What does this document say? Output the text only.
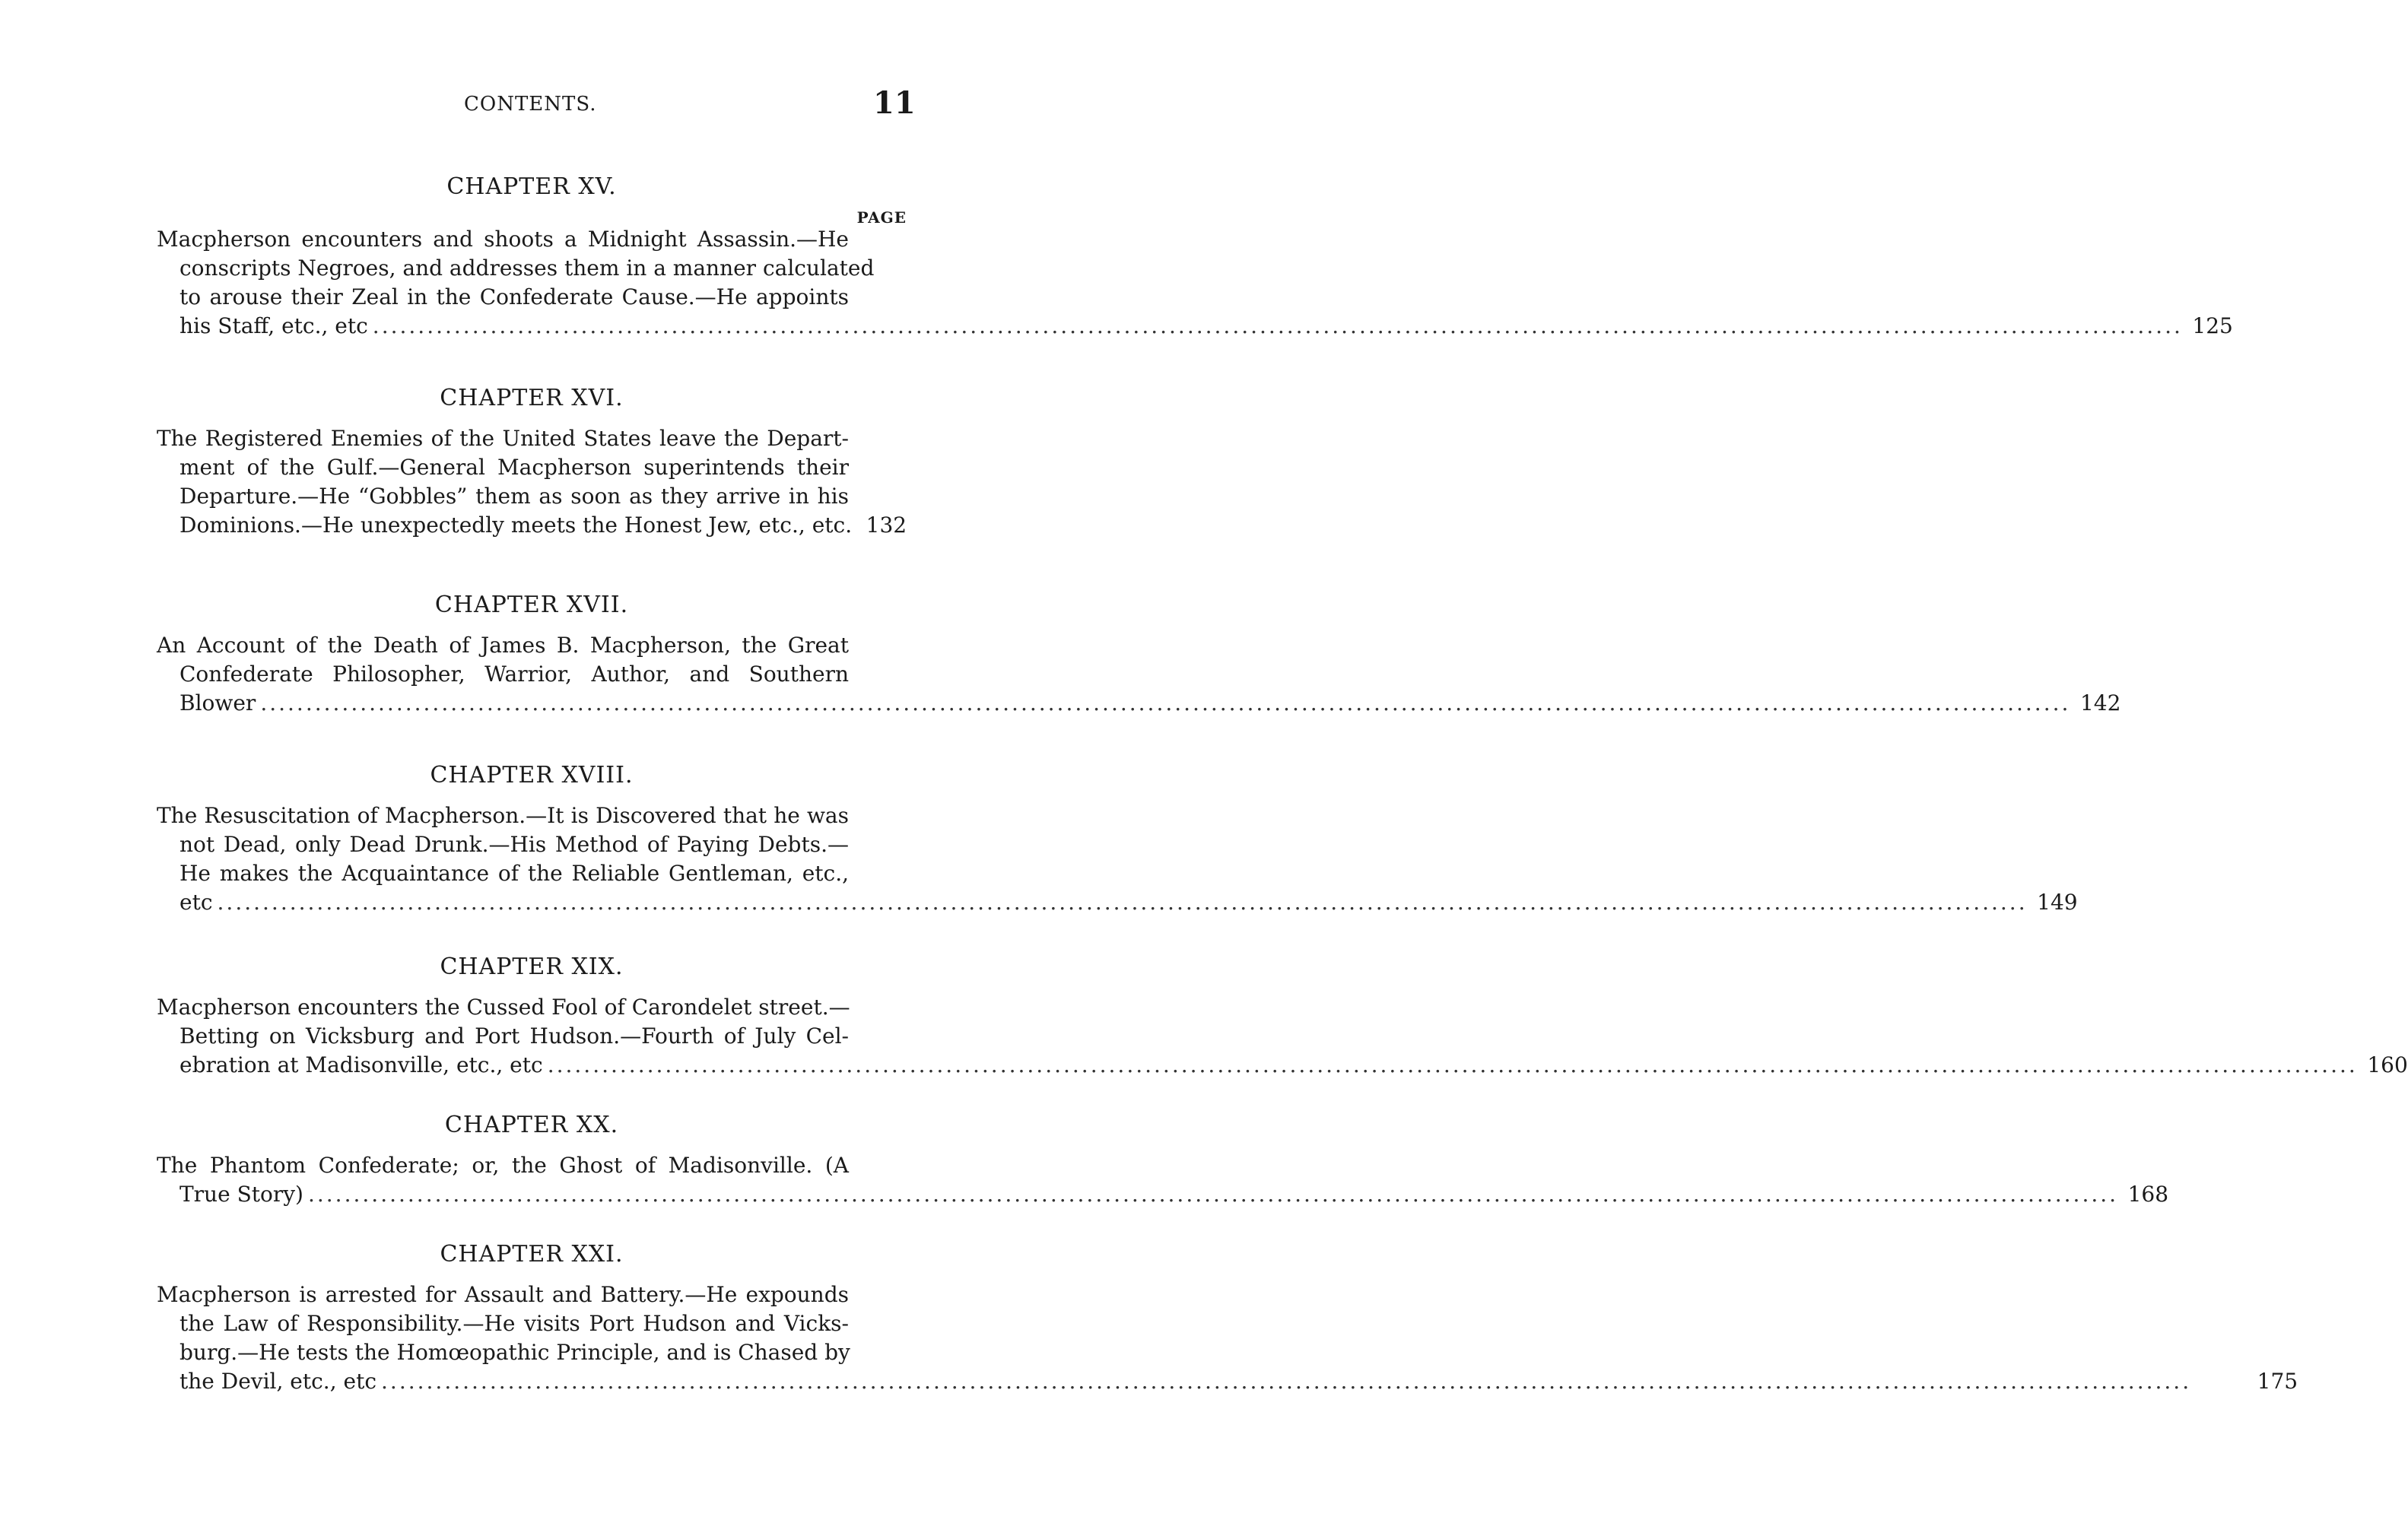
CONTENTS.	11
CHAPTER XV.
PAGE
Macpherson encounters and shoots a Midnight Assassin.—He
conscripts Negroes, and addresses them in a manner calculated
to arouse their Zeal in the Confederate Cause.—He appoints
his Staff, etc., etc ........................................................................................................................................................................................................ 125
CHAPTER XVI.
The Registered Enemies of the United States leave the Depart-
ment of the Gulf.—General Macpherson superintends their
Departure.—He “Gobbles” them as soon as they arrive in his
Dominions.—He unexpectedly meets the Honest Jew, etc., etc. 132
CHAPTER XVII.
An Account of the Death of James B. Macpherson, the Great
Confederate Philosopher, Warrior, Author, and Southern
Blower ........................................................................................................................................................................................................ 142
CHAPTER XVIII.
The Resuscitation of Macpherson.—It is Discovered that he was
not Dead, only Dead Drunk.—His Method of Paying Debts.—
He makes the Acquaintance of the Reliable Gentleman, etc.,
etc ........................................................................................................................................................................................................ 149
CHAPTER XIX.
Macpherson encounters the Cussed Fool of Carondelet street.—
Betting on Vicksburg and Port Hudson.—Fourth of July Cel-
ebration at Madisonville, etc., etc ........................................................................................................................................................................................................ 160
CHAPTER XX.
The Phantom Confederate; or, the Ghost of Madisonville. (A
True Story) ........................................................................................................................................................................................................ 168
CHAPTER XXI.
Macpherson is arrested for Assault and Battery.—He expounds
the Law of Responsibility.—He visits Port Hudson and Vicks-
burg.—He tests the Homœopathic Principle, and is Chased by
the Devil, etc., etc ........................................................................................................................................................................................................	175
